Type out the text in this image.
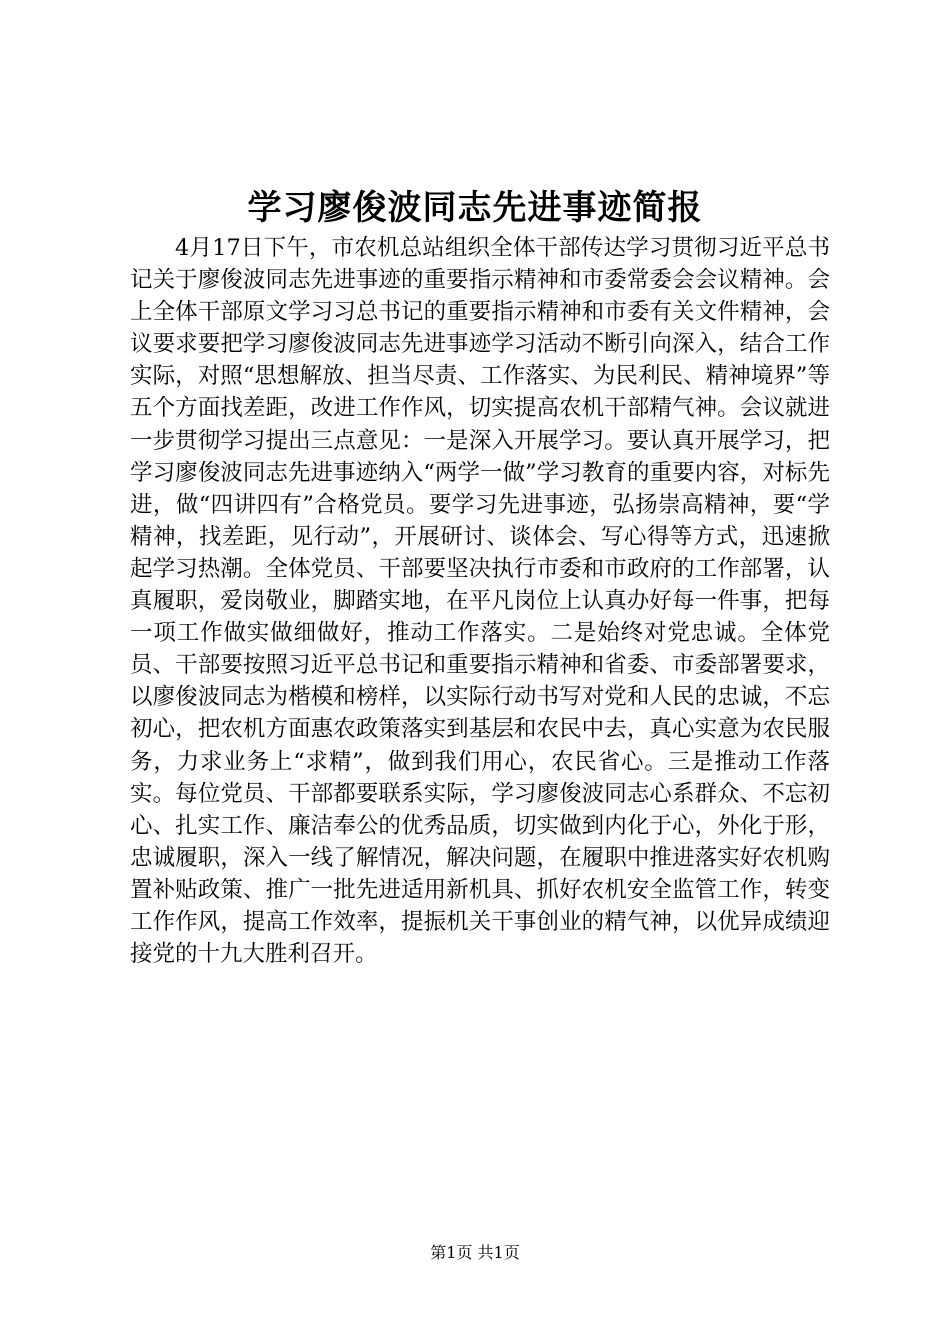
学习廖俊波同志先进事迹简报

4月17日下午，市农机总站组织全体干部传达学习贯彻习近平总书记关于廖俊波同志先进事迹的重要指示精神和市委常委会会议精神。会上全体干部原文学习习总书记的重要指示精神和市委有关文件精神，会议要求要把学习廖俊波同志先进事迹学习活动不断引向深入，结合工作实际，对照“思想解放、担当尽责、工作落实、为民利民、精神境界”等五个方面找差距，改进工作作风，切实提高农机干部精气神。会议就进一步贯彻学习提出三点意见：一是深入开展学习。要认真开展学习，把学习廖俊波同志先进事迹纳入“两学一做”学习教育的重要内容，对标先进，做“四讲四有”合格党员。要学习先进事迹，弘扬崇高精神，要“学精神，找差距，见行动”，开展研讨、谈体会、写心得等方式，迅速掀起学习热潮。全体党员、干部要坚决执行市委和市政府的工作部署，认真履职，爱岗敬业，脚踏实地，在平凡岗位上认真办好每一件事，把每一项工作做实做细做好，推动工作落实。二是始终对党忠诚。全体党员、干部要按照习近平总书记和重要指示精神和省委、市委部署要求，以廖俊波同志为楷模和榜样，以实际行动书写对党和人民的忠诚，不忘初心，把农机方面惠农政策落实到基层和农民中去，真心实意为农民服务，力求业务上“求精”，做到我们用心，农民省心。三是推动工作落实。每位党员、干部都要联系实际，学习廖俊波同志心系群众、不忘初心、扎实工作、廉洁奉公的优秀品质，切实做到内化于心，外化于形，忠诚履职，深入一线了解情况，解决问题，在履职中推进落实好农机购置补贴政策、推广一批先进适用新机具、抓好农机安全监管工作，转变工作作风，提高工作效率，提振机关干事创业的精气神，以优异成绩迎接党的十九大胜利召开。

第1页 共1页
